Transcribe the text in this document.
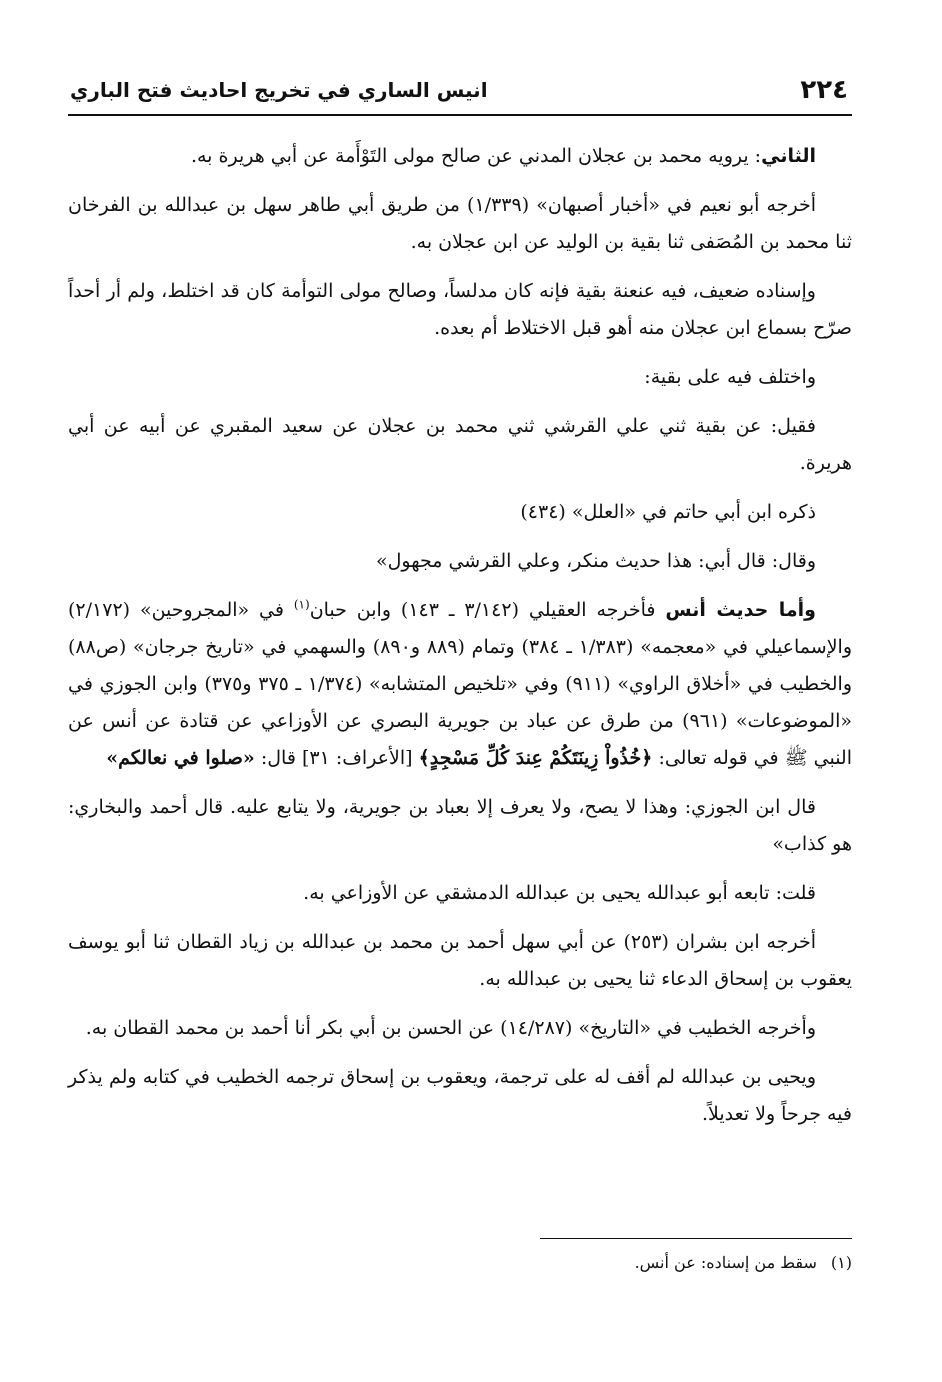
٢٢٤
انيس الساري في تخريج احاديث فتح الباري

الثاني: يرويه محمد بن عجلان المدني عن صالح مولى التَوْأَمة عن أبي هريرة به.

أخرجه أبو نعيم في «أخبار أصبهان» (١/٣٣٩) من طريق أبي طاهر سهل بن عبدالله بن الفرخان ثنا محمد بن المُصَفى ثنا بقية بن الوليد عن ابن عجلان به.

وإسناده ضعيف، فيه عنعنة بقية فإنه كان مدلساً، وصالح مولى التوأمة كان قد اختلط، ولم أر أحداً صرّح بسماع ابن عجلان منه أهو قبل الاختلاط أم بعده.

واختلف فيه على بقية:

فقيل: عن بقية ثني علي القرشي ثني محمد بن عجلان عن سعيد المقبري عن أبيه عن أبي هريرة.

ذكره ابن أبي حاتم في «العلل» (٤٣٤)

وقال: قال أبي: هذا حديث منكر، وعلي القرشي مجهول»

وأما حديث أنس فأخرجه العقيلي (٣/١٤٢ ـ ١٤٣) وابن حبان$^{(١)}$ في «المجروحين» (٢/١٧٢) والإسماعيلي في «معجمه» (١/٣٨٣ ـ ٣٨٤) وتمام (٨٨٩ و٨٩٠) والسهمي في «تاريخ جرجان» (ص٨٨) والخطيب في «أخلاق الراوي» (٩١١) وفي «تلخيص المتشابه» (١/٣٧٤ ـ ٣٧٥ و٣٧٥) وابن الجوزي في «الموضوعات» (٩٦١) من طرق عن عباد بن جويرية البصري عن الأوزاعي عن قتادة عن أنس عن النبي ﷺ في قوله تعالى: ﴿خُذُواْ زِينَتَكُمْ عِندَ كُلِّ مَسْجِدٍ﴾ [الأعراف: ٣١] قال: «صلوا في نعالكم»

قال ابن الجوزي: وهذا لا يصح، ولا يعرف إلا بعباد بن جويرية، ولا يتابع عليه. قال أحمد والبخاري: هو كذاب»

قلت: تابعه أبو عبدالله يحيى بن عبدالله الدمشقي عن الأوزاعي به.

أخرجه ابن بشران (٢٥٣) عن أبي سهل أحمد بن محمد بن عبدالله بن زياد القطان ثنا أبو يوسف يعقوب بن إسحاق الدعاء ثنا يحيى بن عبدالله به.

وأخرجه الخطيب في «التاريخ» (١٤/٢٨٧) عن الحسن بن أبي بكر أنا أحمد بن محمد القطان به.

ويحيى بن عبدالله لم أقف له على ترجمة، ويعقوب بن إسحاق ترجمه الخطيب في كتابه ولم يذكر فيه جرحاً ولا تعديلاً.

(١)سقط من إسناده: عن أنس.
